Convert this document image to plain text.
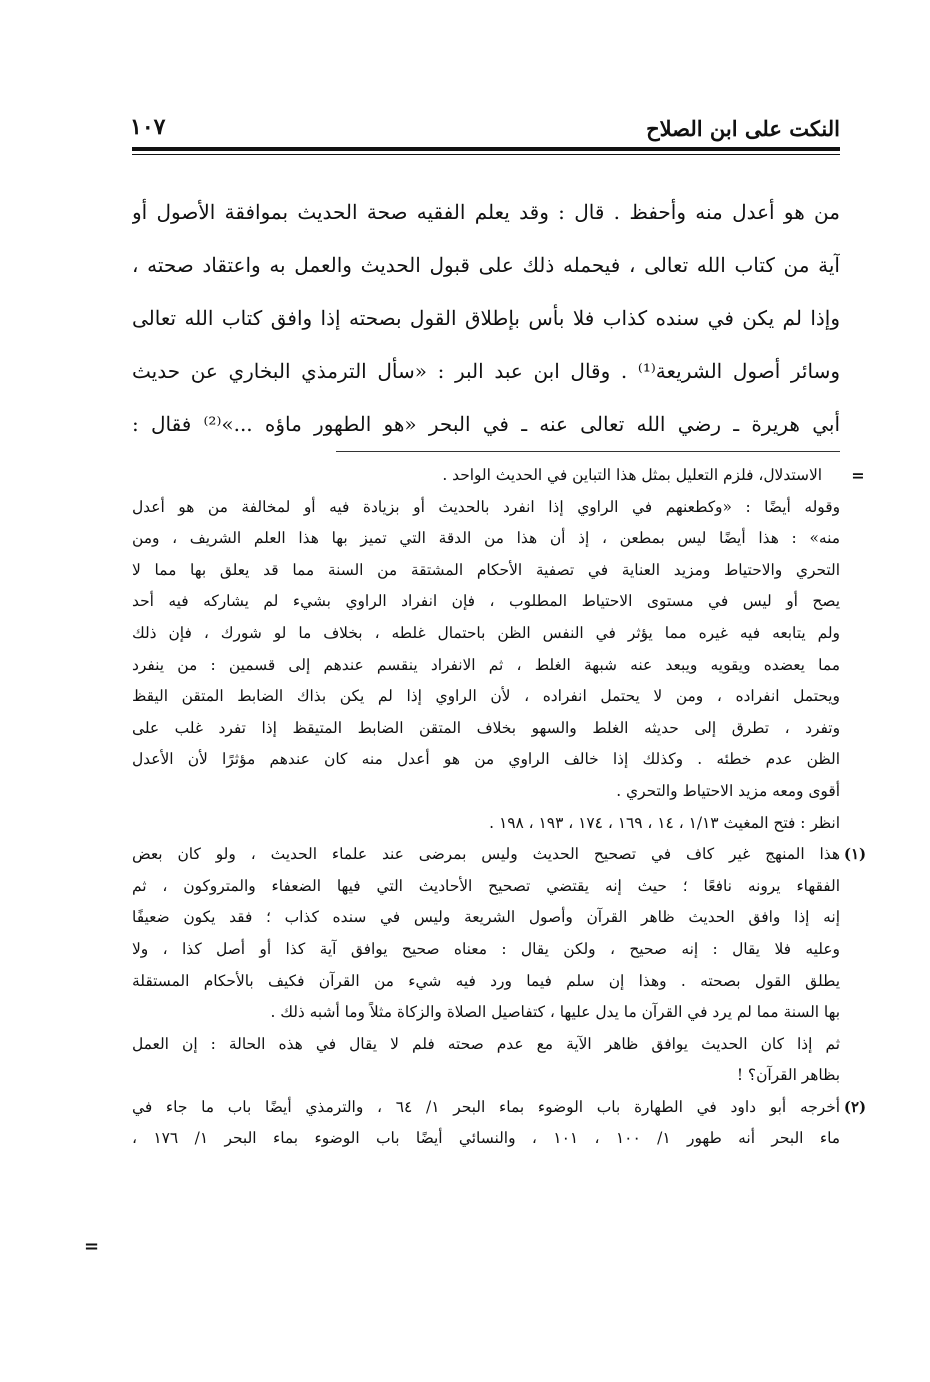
النكت على ابن الصلاح
١٠٧
من هو أعدل منه وأحفظ . قال : وقد يعلم الفقيه صحة الحديث بموافقة الأصول أو
آية من كتاب الله تعالى ، فيحمله ذلك على قبول الحديث والعمل به واعتقاد صحته ،
وإذا لم يكن في سنده كذاب فلا بأس بإطلاق القول بصحته إذا وافق كتاب الله تعالى
وسائر أصول الشريعة⁽¹⁾ . وقال ابن عبد البر : «سأل الترمذي البخاري عن حديث
أبي هريرة ـ رضي الله تعالى عنه ـ في البحر «هو الطهور ماؤه ...»⁽²⁾ فقال :
=
الاستدلال، فلزم التعليل بمثل هذا التباين في الحديث الواحد .
وقوله أيضًا : «وكطعنهم في الراوي إذا انفرد بالحديث أو بزيادة فيه أو لمخالفة من هو أعدل
منه» : هذا أيضًا ليس بمطعن ، إذ أن هذا من الدقة التي تميز بها هذا العلم الشريف ، ومن
التحري والاحتياط ومزيد العناية في تصفية الأحكام المشتقة من السنة مما قد يعلق بها مما لا
يصح أو ليس في مستوى الاحتياط المطلوب ، فإن انفراد الراوي بشيء لم يشاركه فيه أحد
ولم يتابعه فيه غيره مما يؤثر في النفس الظن باحتمال غلطه ، بخلاف ما لو شورك ، فإن ذلك
مما يعضده ويقويه ويبعد عنه شبهة الغلط ، ثم الانفراد ينقسم عندهم إلى قسمين : من ينفرد
ويحتمل انفراده ، ومن لا يحتمل انفراده ، لأن الراوي إذا لم يكن بذاك الضابط المتقن اليقظ
وتفرد ، تطرق إلى حديثه الغلط والسهو بخلاف المتقن الضابط المتيقظ إذا تفرد غلب على
الظن عدم خطئه . وكذلك إذا خالف الراوي من هو أعدل منه كان عندهم مؤثرًا لأن الأعدل
أقوى ومعه مزيد الاحتياط والتحري .
انظر : فتح المغيث ١/١٣ ، ١٤ ، ١٦٩ ، ١٧٤ ، ١٩٣ ، ١٩٨ .
(١)
هذا المنهج غير كاف في تصحيح الحديث وليس بمرضى عند علماء الحديث ، ولو كان بعض
الفقهاء يرونه نافعًا ؛ حيث إنه يقتضي تصحيح الأحاديث التي فيها الضعفاء والمتروكون ، ثم
إنه إذا وافق الحديث ظاهر القرآن وأصول الشريعة وليس في سنده كذاب ؛ فقد يكون ضعيفًا
وعليه فلا يقال : إنه صحيح ، ولكن يقال : معناه صحيح يوافق آية كذا أو أصل كذا ، ولا
يطلق القول بصحته . وهذا إن سلم فيما ورد فيه شيء من القرآن فكيف بالأحكام المستقلة
بها السنة مما لم يرد في القرآن ما يدل عليها ، كتفاصيل الصلاة والزكاة مثلاً وما أشبه ذلك .
ثم إذا كان الحديث يوافق ظاهر الآية مع عدم صحته فلم لا يقال في هذه الحالة : إن العمل
بظاهر القرآن؟ !
(٢)
أخرجه أبو داود في الطهارة باب الوضوء بماء البحر ١/ ٦٤ ، والترمذي أيضًا باب ما جاء في
ماء البحر أنه طهور ١/ ١٠٠ ، ١٠١ ، والنسائي أيضًا باب الوضوء بماء البحر ١/ ١٧٦ ،
=
